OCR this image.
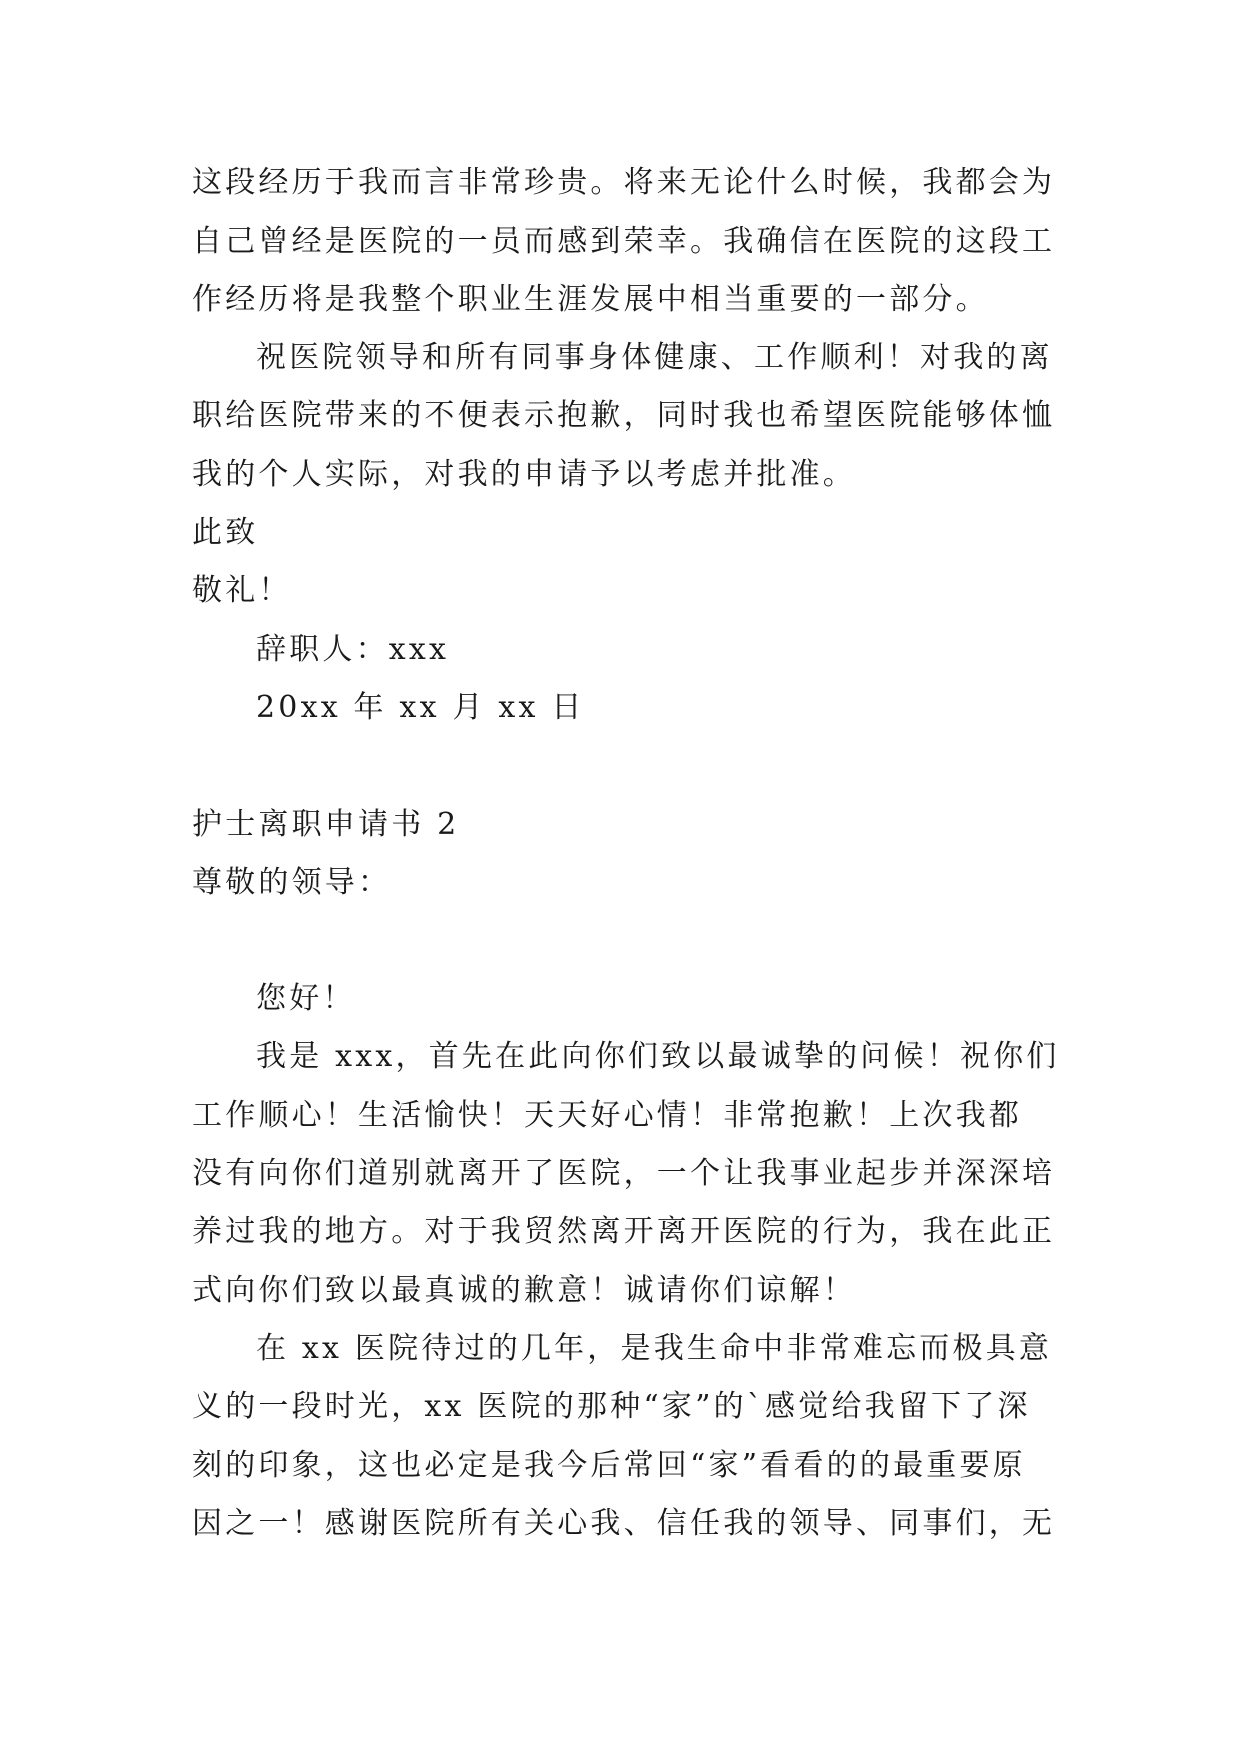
这段经历于我而言非常珍贵。将来无论什么时候，我都会为
自己曾经是医院的一员而感到荣幸。我确信在医院的这段工
作经历将是我整个职业生涯发展中相当重要的一部分。
祝医院领导和所有同事身体健康、工作顺利！对我的离
职给医院带来的不便表示抱歉，同时我也希望医院能够体恤
我的个人实际，对我的申请予以考虑并批准。
此致
敬礼！
辞职人：xxx
20xx 年 xx 月 xx 日
护士离职申请书 2
尊敬的领导：
您好！
我是 xxx，首先在此向你们致以最诚挚的问候！祝你们
工作顺心！生活愉快！天天好心情！非常抱歉！上次我都
没有向你们道别就离开了医院，一个让我事业起步并深深培
养过我的地方。对于我贸然离开离开医院的行为，我在此正
式向你们致以最真诚的歉意！诚请你们谅解！
在 xx 医院待过的几年，是我生命中非常难忘而极具意
义的一段时光，xx 医院的那种“家”的`感觉给我留下了深
刻的印象，这也必定是我今后常回“家”看看的的最重要原
因之一！感谢医院所有关心我、信任我的领导、同事们，无
